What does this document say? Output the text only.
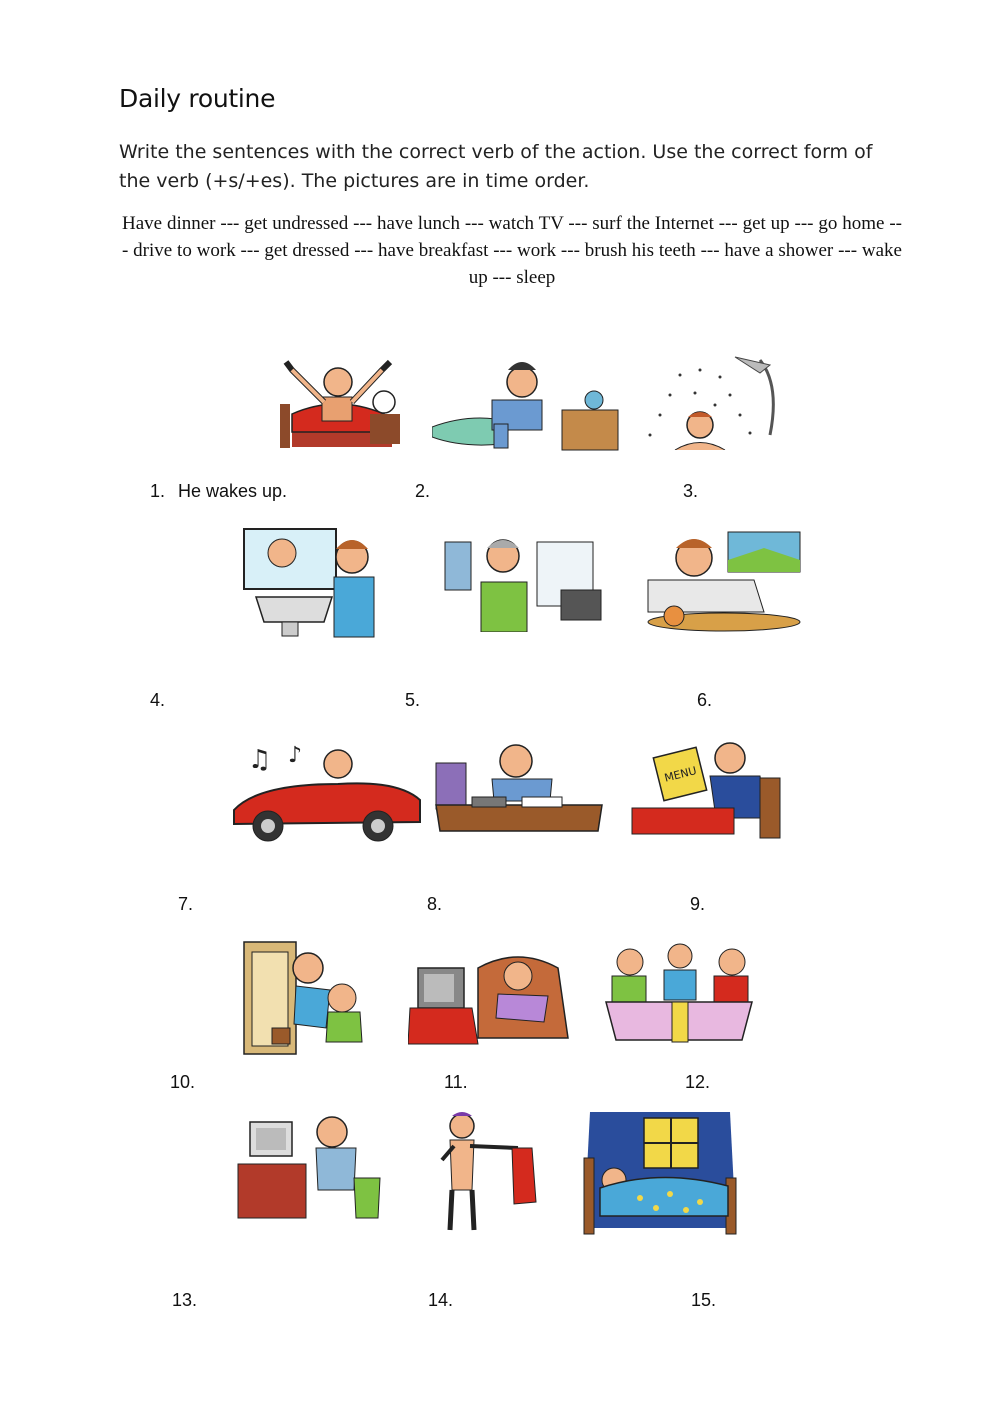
Daily routine
Write the sentences with the correct verb of the action. Use the correct form of the verb (+s/+es). The pictures are in time order.
Have dinner --- get undressed --- have lunch --- watch TV --- surf the Internet --- get up --- go home --- drive to work --- get dressed --- have breakfast --- work --- brush his teeth --- have a shower --- wake up --- sleep
1. He wakes up.	2.	3.
4.	5.	6.
♫ ♪
MENU
7.	8.	9.
10.	11.	12.
13.	14.	15.
